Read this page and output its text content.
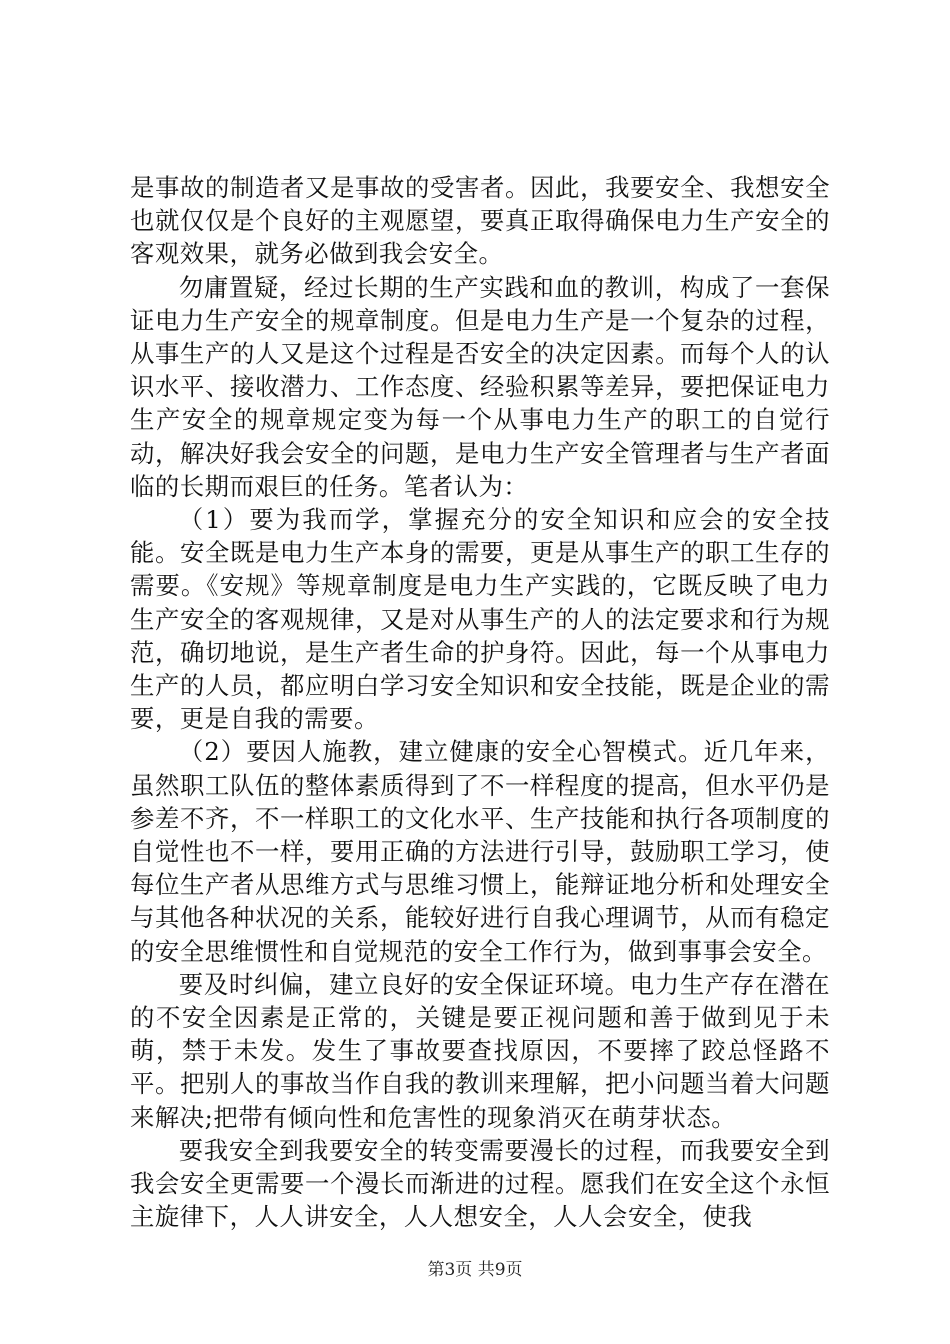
是事故的制造者又是事故的受害者。因此，我要安全、我想安全也就仅仅是个良好的主观愿望，要真正取得确保电力生产安全的客观效果，就务必做到我会安全。

勿庸置疑，经过长期的生产实践和血的教训，构成了一套保证电力生产安全的规章制度。但是电力生产是一个复杂的过程，从事生产的人又是这个过程是否安全的决定因素。而每个人的认识水平、接收潜力、工作态度、经验积累等差异，要把保证电力生产安全的规章规定变为每一个从事电力生产的职工的自觉行动，解决好我会安全的问题，是电力生产安全管理者与生产者面临的长期而艰巨的任务。笔者认为：

（1）要为我而学，掌握充分的安全知识和应会的安全技能。安全既是电力生产本身的需要，更是从事生产的职工生存的需要。《安规》等规章制度是电力生产实践的，它既反映了电力生产安全的客观规律，又是对从事生产的人的法定要求和行为规范，确切地说，是生产者生命的护身符。因此，每一个从事电力生产的人员，都应明白学习安全知识和安全技能，既是企业的需要，更是自我的需要。

（2）要因人施教，建立健康的安全心智模式。近几年来，虽然职工队伍的整体素质得到了不一样程度的提高，但水平仍是参差不齐，不一样职工的文化水平、生产技能和执行各项制度的自觉性也不一样，要用正确的方法进行引导，鼓励职工学习，使每位生产者从思维方式与思维习惯上，能辩证地分析和处理安全与其他各种状况的关系，能较好进行自我心理调节，从而有稳定的安全思维惯性和自觉规范的安全工作行为，做到事事会安全。

要及时纠偏，建立良好的安全保证环境。电力生产存在潜在的不安全因素是正常的，关键是要正视问题和善于做到见于未萌，禁于未发。发生了事故要查找原因，不要摔了跤总怪路不平。把别人的事故当作自我的教训来理解，把小问题当着大问题来解决;把带有倾向性和危害性的现象消灭在萌芽状态。

要我安全到我要安全的转变需要漫长的过程，而我要安全到我会安全更需要一个漫长而渐进的过程。愿我们在安全这个永恒主旋律下，人人讲安全，人人想安全，人人会安全，使我

第3页 共9页
